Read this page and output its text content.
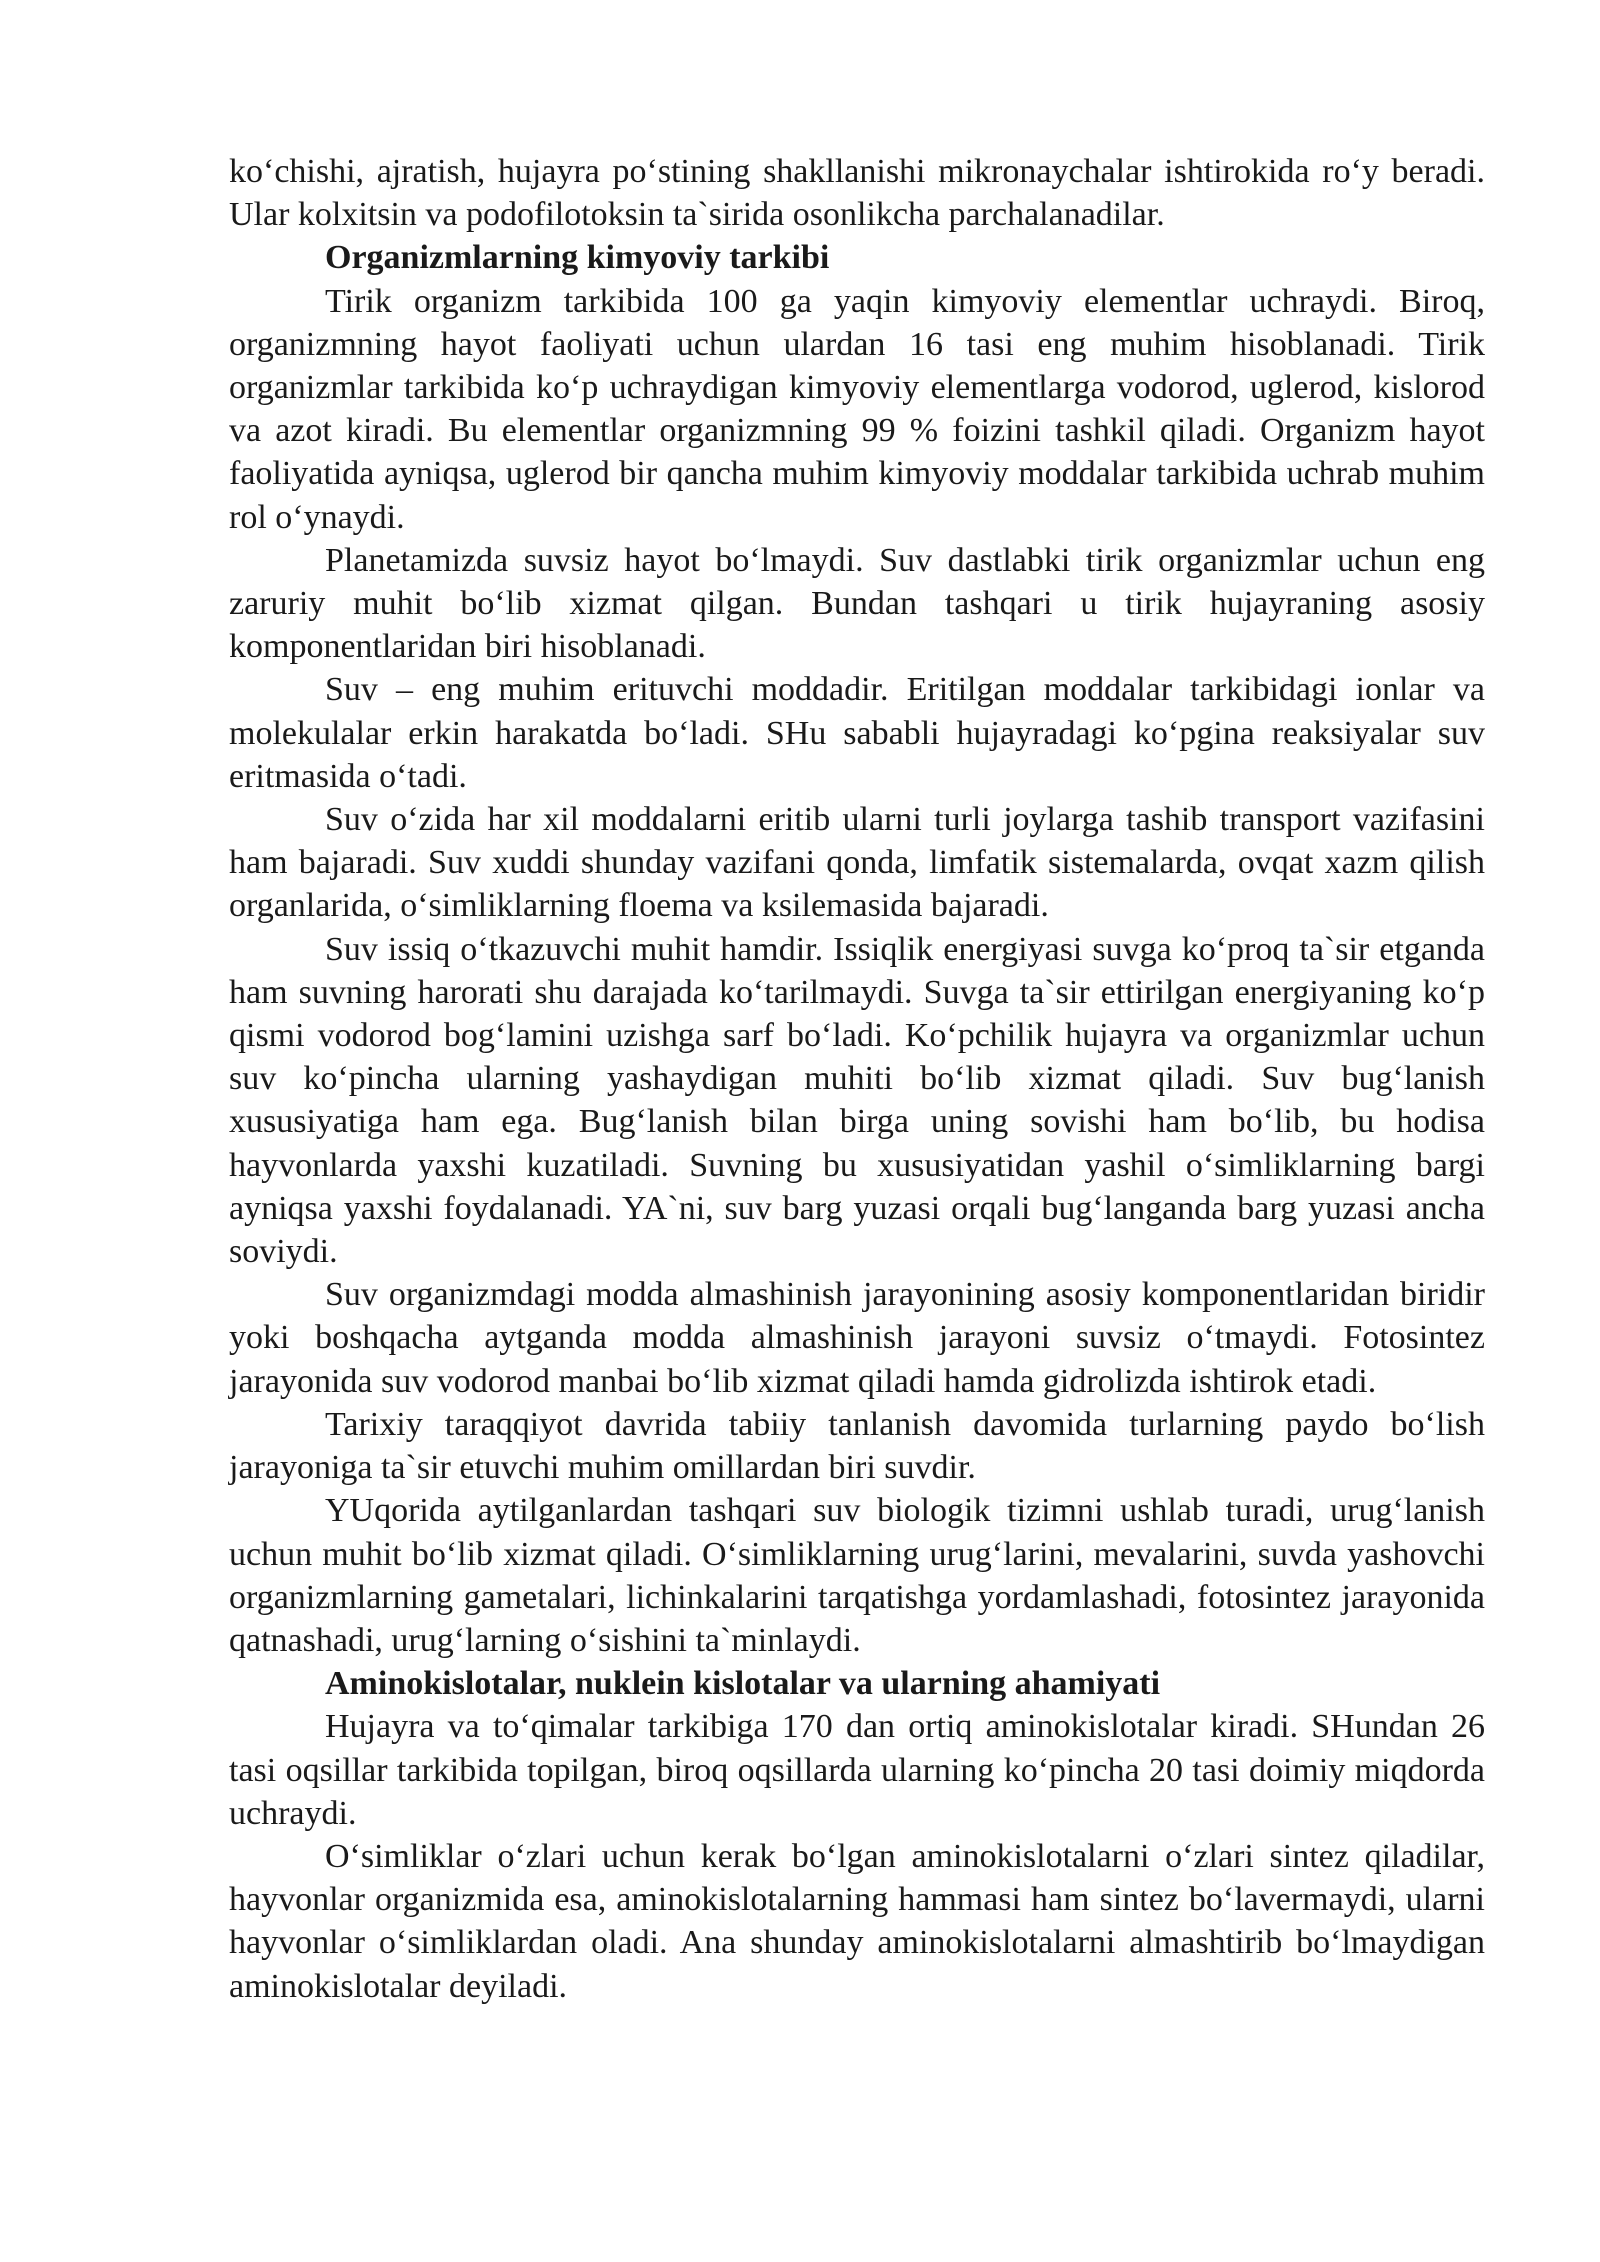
ko‘chishi, ajratish, hujayra po‘stining shakllanishi mikronaychalar ishtirokida ro‘y beradi. Ular kolxitsin va podofilotoksin ta`sirida osonlikcha parchalanadilar.

Organizmlarning kimyoviy tarkibi

Tirik organizm tarkibida 100 ga yaqin kimyoviy elementlar uchraydi. Biroq, organizmning hayot faoliyati uchun ulardan 16 tasi eng muhim hisoblanadi. Tirik organizmlar tarkibida ko‘p uchraydigan kimyoviy elementlarga vodorod, uglerod, kislorod va azot kiradi. Bu elementlar organizmning 99 % foizini tashkil qiladi. Organizm hayot faoliyatida ayniqsa, uglerod bir qancha muhim kimyoviy moddalar tarkibida uchrab muhim rol o‘ynaydi.

Planetamizda suvsiz hayot bo‘lmaydi. Suv dastlabki tirik organizmlar uchun eng zaruriy muhit bo‘lib xizmat qilgan. Bundan tashqari u tirik hujayraning asosiy komponentlaridan biri hisoblanadi.

Suv – eng muhim erituvchi moddadir. Eritilgan moddalar tarkibidagi ionlar va molekulalar erkin harakatda bo‘ladi. SHu sababli hujayradagi ko‘pgina reaksiyalar suv eritmasida o‘tadi.

Suv o‘zida har xil moddalarni eritib ularni turli joylarga tashib transport vazifasini ham bajaradi. Suv xuddi shunday vazifani qonda, limfatik sistemalarda, ovqat xazm qilish organlarida, o‘simliklarning floema va ksilemasida bajaradi.

Suv issiq o‘tkazuvchi muhit hamdir. Issiqlik energiyasi suvga ko‘proq ta`sir etganda ham suvning harorati shu darajada ko‘tarilmaydi. Suvga ta`sir ettirilgan energiyaning ko‘p qismi vodorod bog‘lamini uzishga sarf bo‘ladi. Ko‘pchilik hujayra va organizmlar uchun suv ko‘pincha ularning yashaydigan muhiti bo‘lib xizmat qiladi. Suv bug‘lanish xususiyatiga ham ega. Bug‘lanish bilan birga uning sovishi ham bo‘lib, bu hodisa hayvonlarda yaxshi kuzatiladi. Suvning bu xususiyatidan yashil o‘simliklarning bargi ayniqsa yaxshi foydalanadi. YA`ni, suv barg yuzasi orqali bug‘langanda barg yuzasi ancha soviydi.

Suv organizmdagi modda almashinish jarayonining asosiy komponentlaridan biridir yoki boshqacha aytganda modda almashinish jarayoni suvsiz o‘tmaydi. Fotosintez jarayonida suv vodorod manbai bo‘lib xizmat qiladi hamda gidrolizda ishtirok etadi.

Tarixiy taraqqiyot davrida tabiiy tanlanish davomida turlarning paydo bo‘lish jarayoniga ta`sir etuvchi muhim omillardan biri suvdir.

YUqorida aytilganlardan tashqari suv biologik tizimni ushlab turadi, urug‘lanish uchun muhit bo‘lib xizmat qiladi. O‘simliklarning urug‘larini, mevalarini, suvda yashovchi organizmlarning gametalari, lichinkalarini tarqatishga yordamlashadi, fotosintez jarayonida qatnashadi, urug‘larning o‘sishini ta`minlaydi.

Aminokislotalar, nuklein kislotalar va ularning ahamiyati

Hujayra va to‘qimalar tarkibiga 170 dan ortiq aminokislotalar kiradi. SHundan 26 tasi oqsillar tarkibida topilgan, biroq oqsillarda ularning ko‘pincha 20 tasi doimiy miqdorda uchraydi.

O‘simliklar o‘zlari uchun kerak bo‘lgan aminokislotalarni o‘zlari sintez qiladilar, hayvonlar organizmida esa, aminokislotalarning hammasi ham sintez bo‘lavermaydi, ularni hayvonlar o‘simliklardan oladi. Ana shunday aminokislotalarni almashtirib bo‘lmaydigan aminokislotalar deyiladi.
